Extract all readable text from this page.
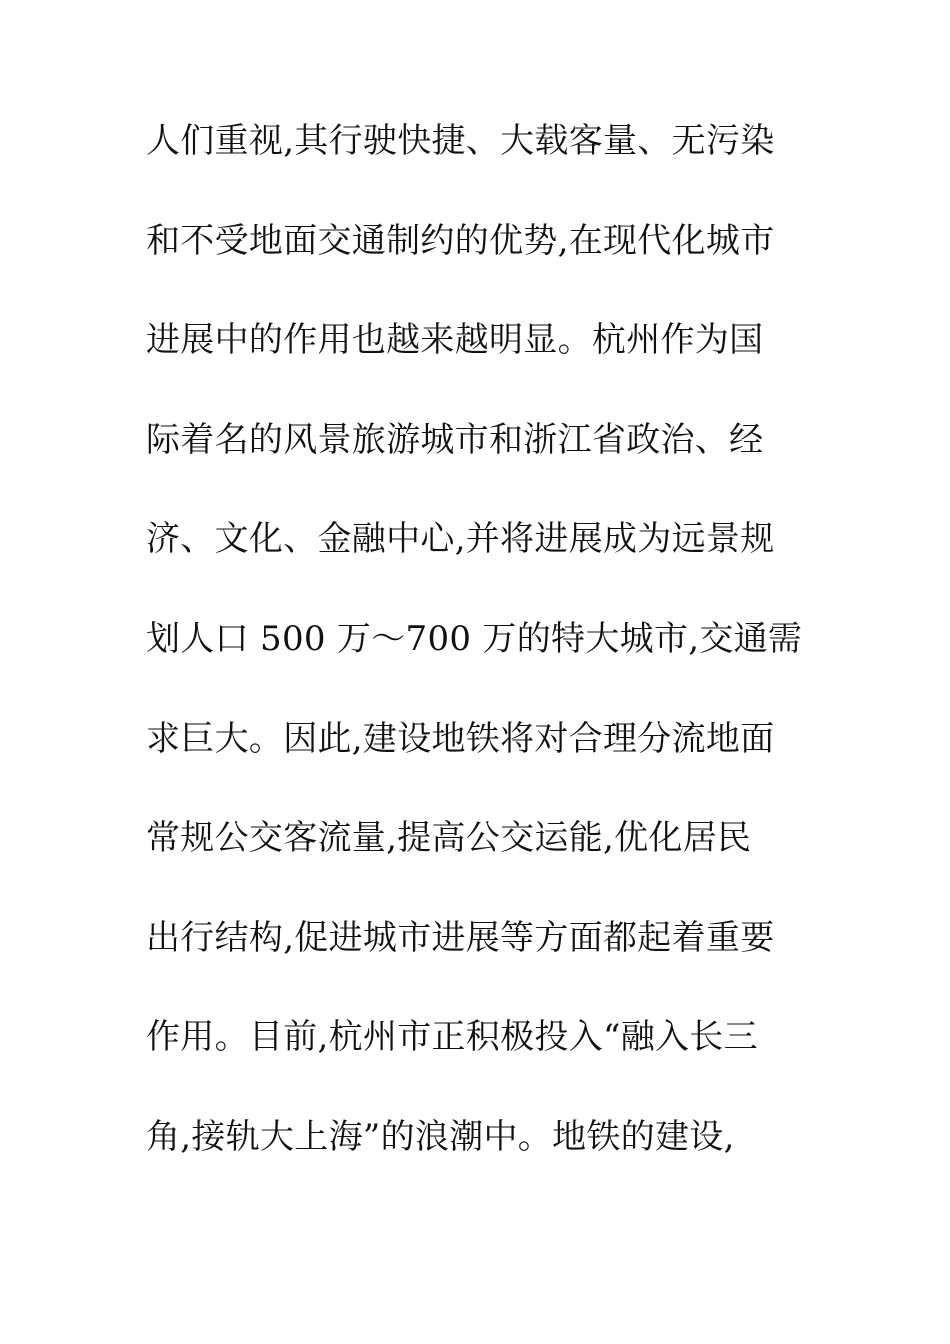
人们重视,其行驶快捷、大载客量、无污染
和不受地面交通制约的优势,在现代化城市
进展中的作用也越来越明显。杭州作为国
际着名的风景旅游城市和浙江省政治、经
济、文化、金融中心,并将进展成为远景规
划人口 500 万～700 万的特大城市,交通需
求巨大。因此,建设地铁将对合理分流地面
常规公交客流量,提高公交运能,优化居民
出行结构,促进城市进展等方面都起着重要
作用。目前,杭州市正积极投入“融入长三
角,接轨大上海”的浪潮中。地铁的建设,
